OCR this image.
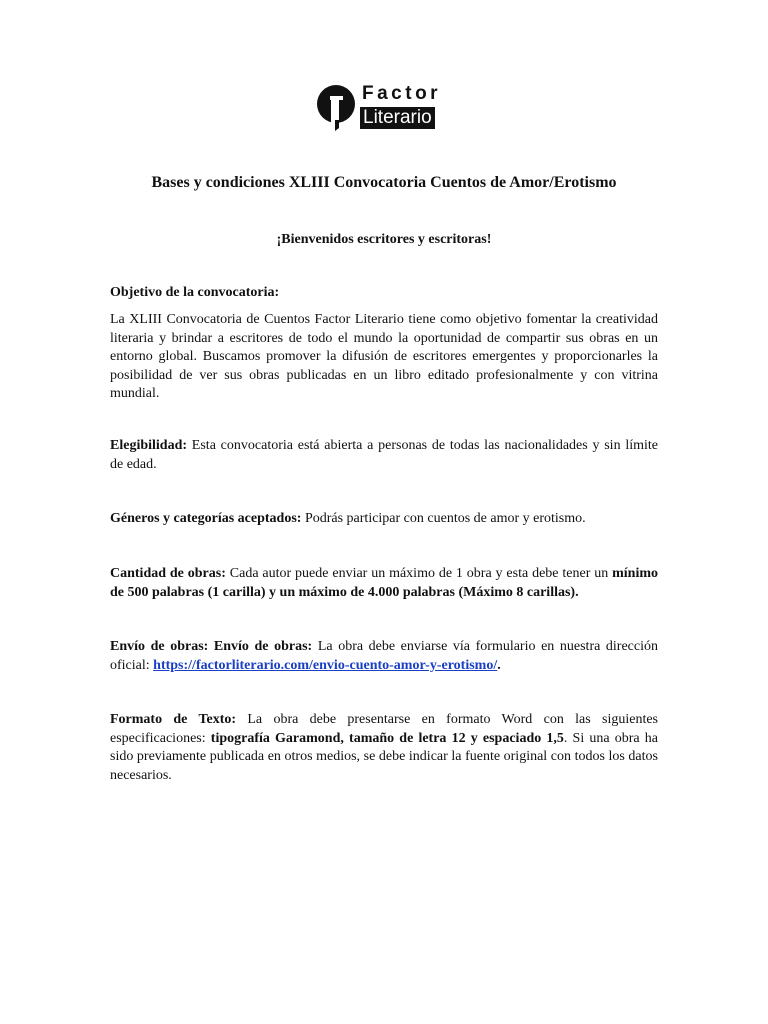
Factor
Literario
Bases y condiciones XLIII Convocatoria Cuentos de Amor/Erotismo
¡Bienvenidos escritores y escritoras!
Objetivo de la convocatoria:
La XLIII Convocatoria de Cuentos Factor Literario tiene como objetivo fomentar la creatividad literaria y brindar a escritores de todo el mundo la oportunidad de compartir sus obras en un entorno global. Buscamos promover la difusión de escritores emergentes y proporcionarles la posibilidad de ver sus obras publicadas en un libro editado profesionalmente y con vitrina mundial.
Elegibilidad: Esta convocatoria está abierta a personas de todas las nacionalidades y sin límite de edad.
Géneros y categorías aceptados: Podrás participar con cuentos de amor y erotismo.
Cantidad de obras: Cada autor puede enviar un máximo de 1 obra y esta debe tener un mínimo de 500 palabras (1 carilla) y un máximo de 4.000 palabras (Máximo 8 carillas).
Envío de obras: Envío de obras: La obra debe enviarse vía formulario en nuestra dirección oficial: https://factorliterario.com/envio-cuento-amor-y-erotismo/.
Formato de Texto: La obra debe presentarse en formato Word con las siguientes especificaciones: tipografía Garamond, tamaño de letra 12 y espaciado 1,5. Si una obra ha sido previamente publicada en otros medios, se debe indicar la fuente original con todos los datos necesarios.
